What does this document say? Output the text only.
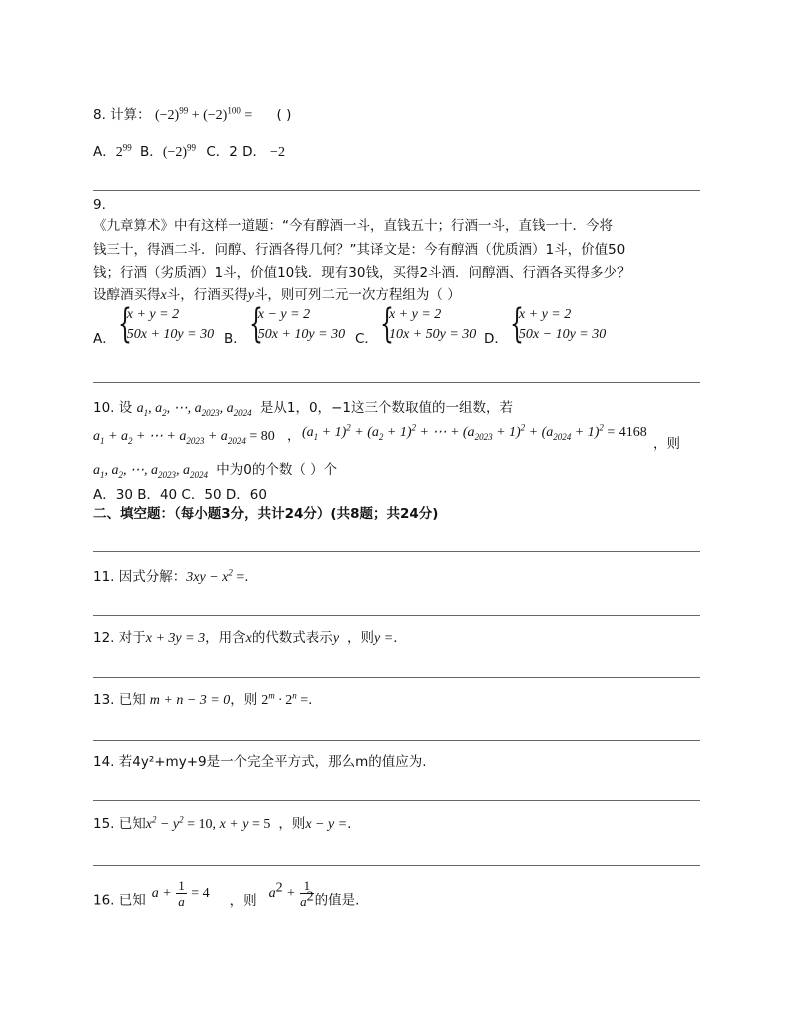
8. 计算： $(-2)^{99} + (-2)^{100}$ = ( )
A．$2^{99}$ B．$(-2)^{99}$ C．2 D． −2
9.
《九章算术》中有这样一道题：“今有醇酒一斗，直钱五十；行酒一斗，直钱一十．今将
钱三十，得酒二斗．问醇、行酒各得几何？”其译文是：今有醇酒（优质酒）1斗，价值50
钱；行酒（劣质酒）1斗，价值10钱．现有30钱，买得2斗酒．问醇酒、行酒各买得多少？
设醇酒买得x斗，行酒买得y斗，则可列二元一次方程组为（ ）
A． {
x + y = 2
50x + 10y = 30 B． {
x − y = 2
50x + 10y = 30 C． {
x + y = 2
10x + 50y = 30 D． {
x + y = 2
50x − 10y = 30
10. 设 $a_1$, $a_2$, ⋯, $a_{2023}$, $a_{2024}$ 是从1，0，−1这三个数取值的一组数，若
$a_1 + a_2$ + ⋯ + $a_{2023} + a_{2024} = 80$ ， $(a_1 + 1)^2 + (a_2 + 1)^2$ + ⋯ + $(a_{2023} + 1)^2 + (a_{2024} + 1)^2 = 4168$
，则
$a_1$, $a_2$, ⋯, $a_{2023}$, $a_{2024}$ 中为0的个数（ ）个
A．30 B．40 C．50 D．60
二、填空题：（每小题3分，共计24分）(共8题；共24分)
11. 因式分解：$3xy - x^2$ =.
12. 对于x + 3y = 3，用含x的代数式表示y ，则y =.
13. 已知 m + n − 3 = 0，则 $2^m \cdot 2^n$ =.
14. 若4y²+my+9是一个完全平方式，那么m的值应为.
15. 已知$x^2 - y^2 = 10$, x + y = 5 ，则x − y =.
16. 已知 $a + \frac{1}{a} = 4$ ，则 $a^2 + \frac{1}{a^2}$ 的值是.
